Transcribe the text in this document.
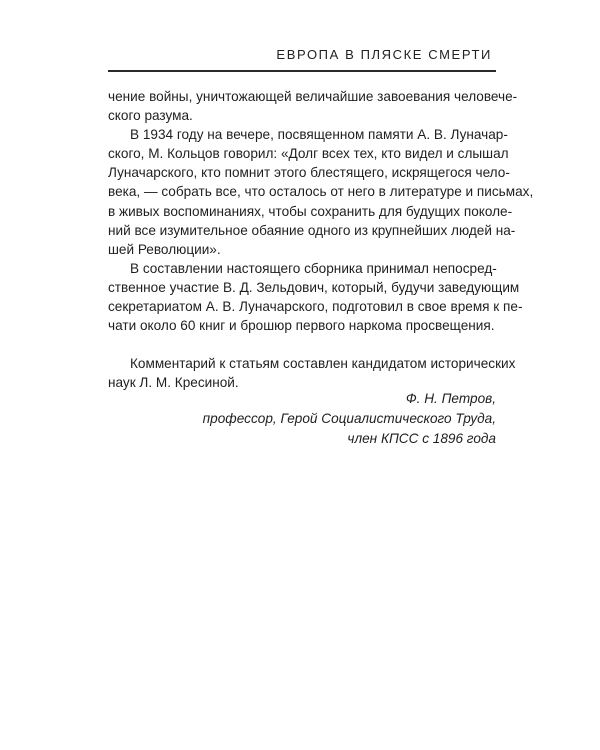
ЕВРОПА В ПЛЯСКЕ СМЕРТИ
чение войны, уничтожающей величайшие завоевания человече-
ского разума.
В 1934 году на вечере, посвященном памяти А. В. Луначар-
ского, М. Кольцов говорил: «Долг всех тех, кто видел и слышал
Луначарского, кто помнит этого блестящего, искрящегося чело-
века, — собрать все, что осталось от него в литературе и письмах,
в живых воспоминаниях, чтобы сохранить для будущих поколе-
ний все изумительное обаяние одного из крупнейших людей на-
шей Революции».
В составлении настоящего сборника принимал непосред-
ственное участие В. Д. Зельдович, который, будучи заведующим
секретариатом А. В. Луначарского, подготовил в свое время к пе-
чати около 60 книг и брошюр первого наркома просвещения.
Комментарий к статьям составлен кандидатом исторических
наук Л. М. Кресиной.
Ф. Н. Петров,
профессор, Герой Социалистического Труда,
член КПСС с 1896 года
